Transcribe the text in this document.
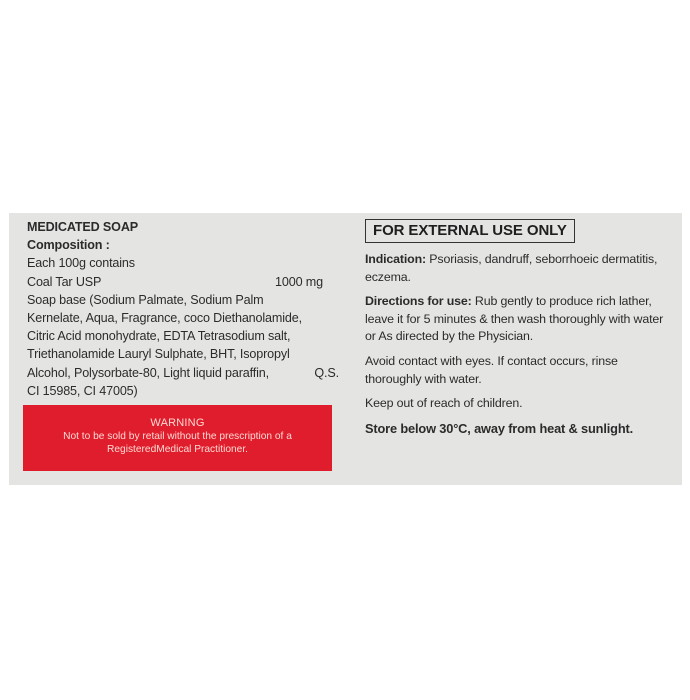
MEDICATED SOAP
Composition :
Each 100g contains
Coal Tar USP	1000 mg
Soap base (Sodium Palmate, Sodium Palm
Kernelate, Aqua, Fragrance, coco Diethanolamide,
Citric Acid monohydrate, EDTA Tetrasodium salt,
Triethanolamide Lauryl Sulphate, BHT, Isopropyl
Alcohol, Polysorbate-80, Light liquid paraffin,	Q.S.
CI 15985, CI 47005)
WARNING
Not to be sold by retail without the prescription of a RegisteredMedical Practitioner.
FOR EXTERNAL USE ONLY

Indication: Psoriasis, dandruff, seborrhoeic dermatitis, eczema.

Directions for use: Rub gently to produce rich lather, leave it for 5 minutes & then wash thoroughly with water or As directed by the Physician.

Avoid contact with eyes. If contact occurs, rinse thoroughly with water.

Keep out of reach of children.

Store below 30°C, away from heat & sunlight.
